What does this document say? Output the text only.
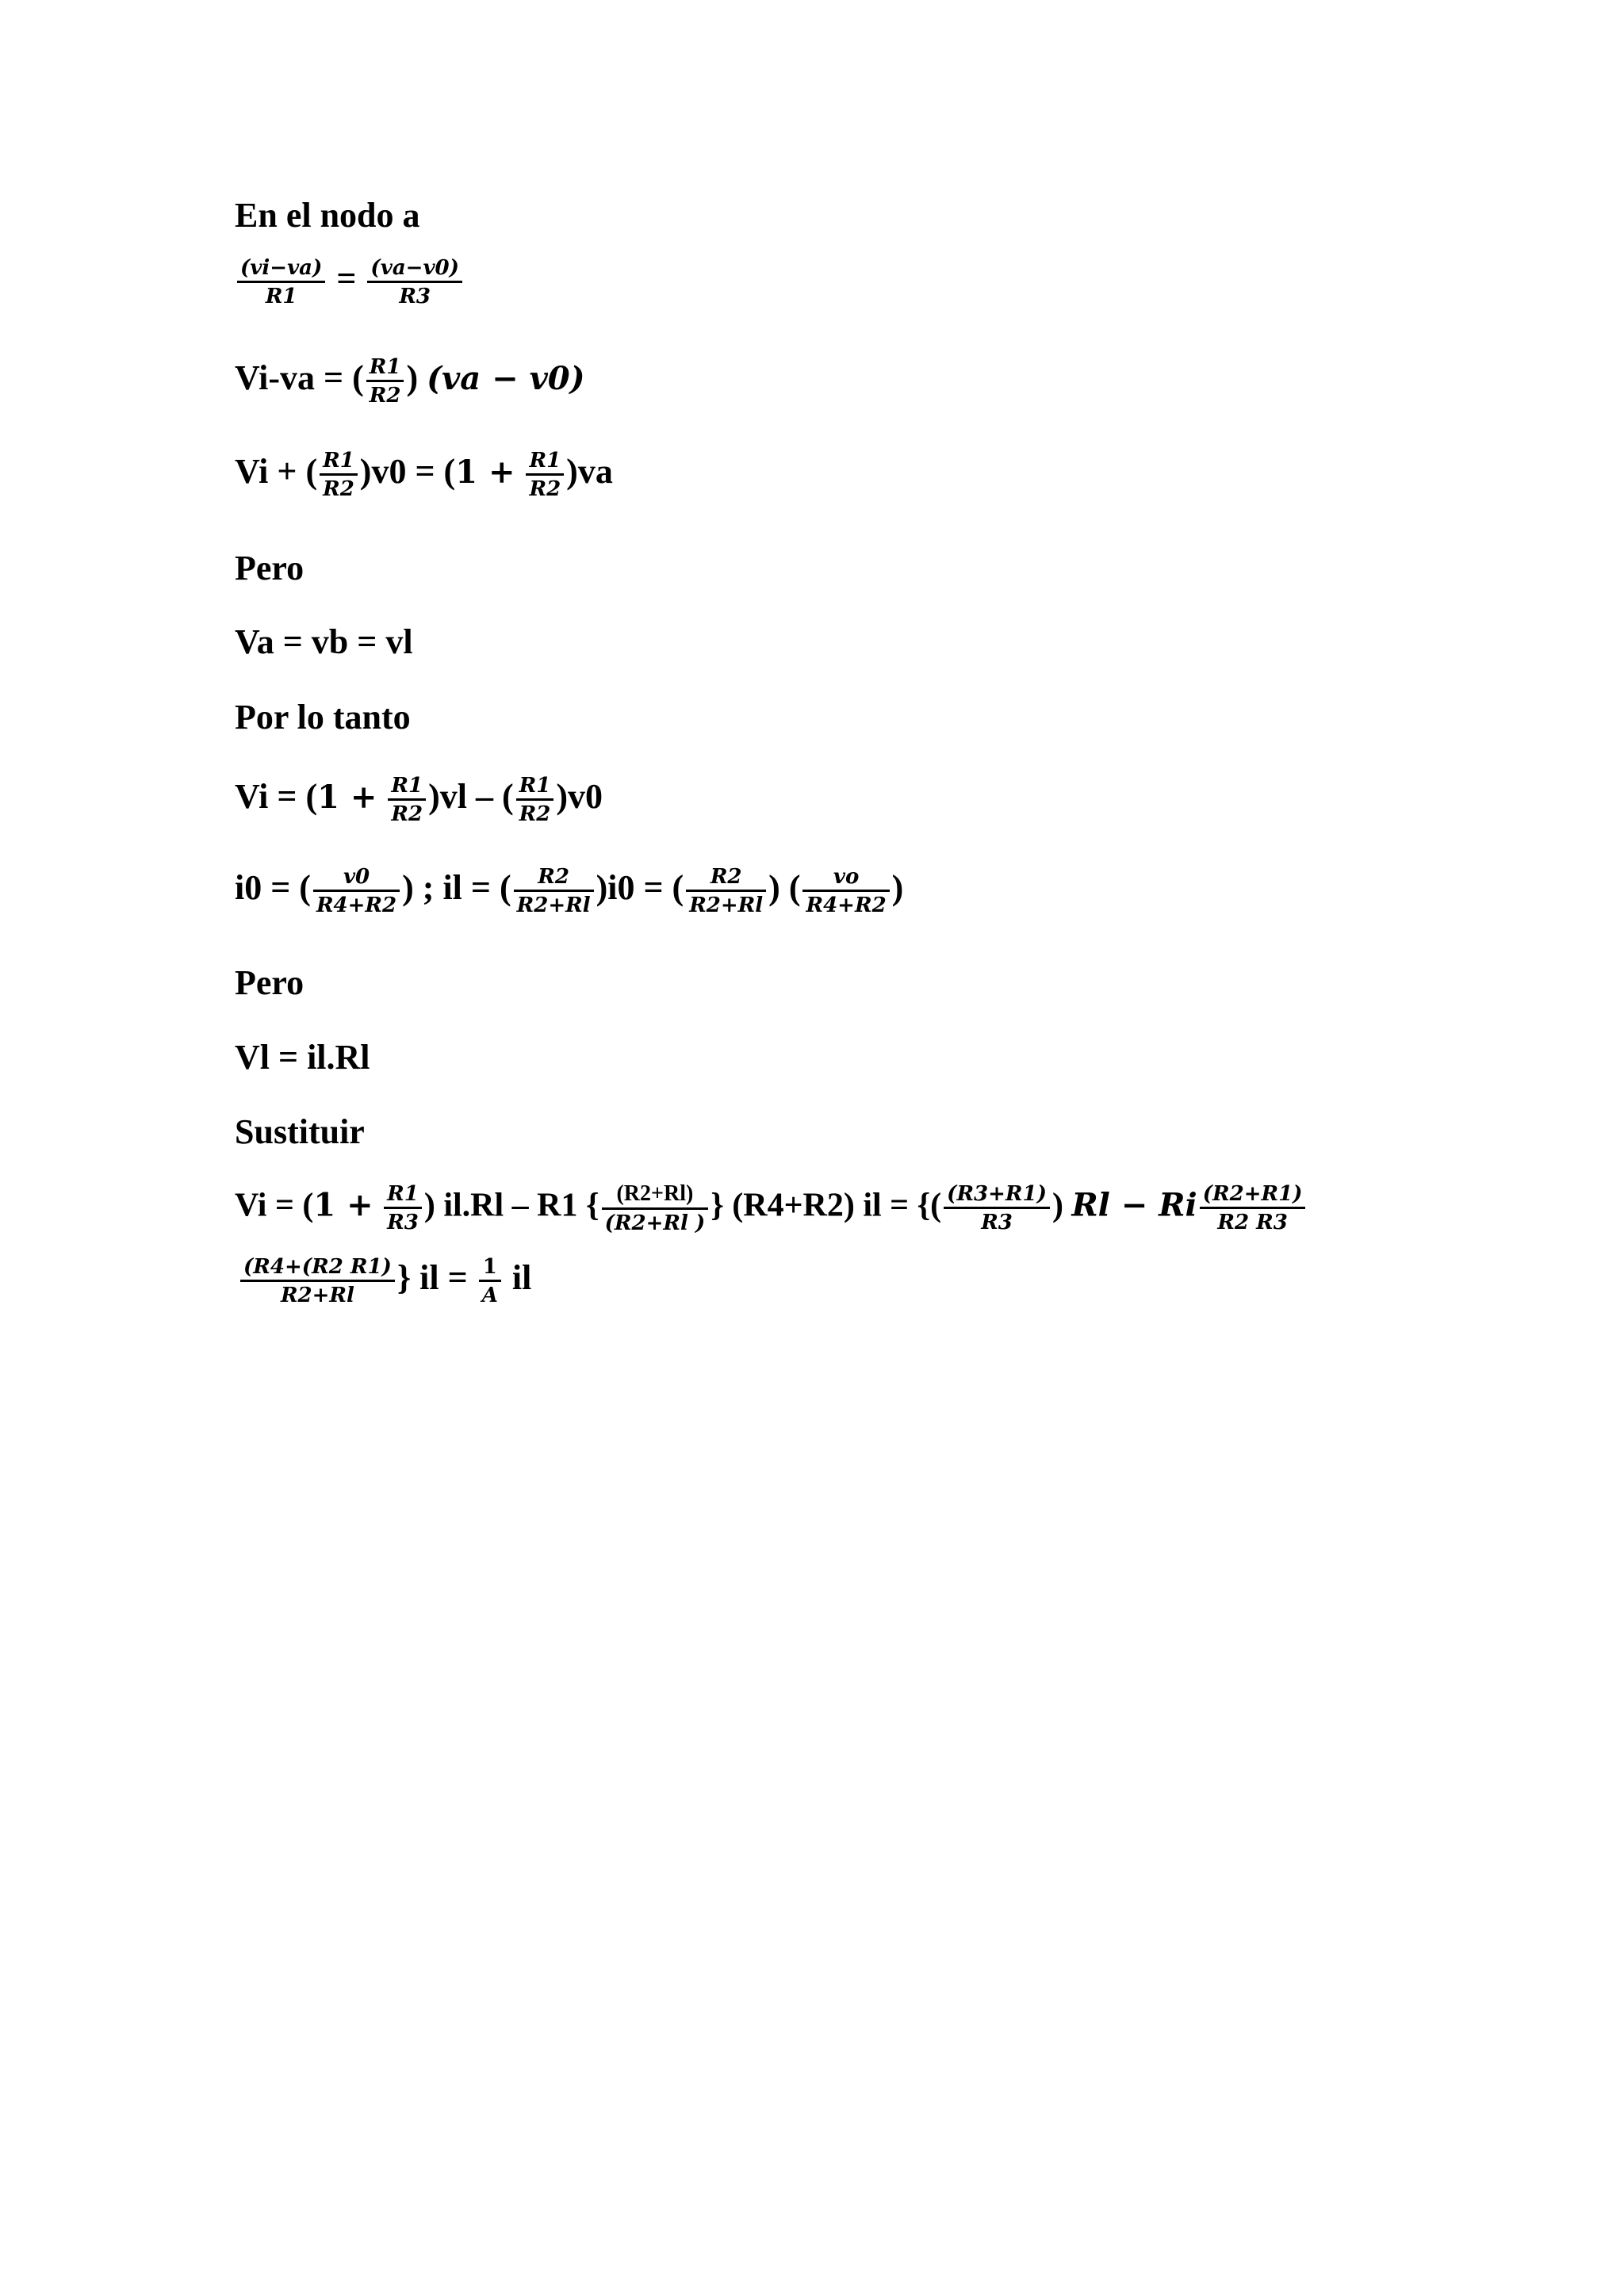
En el nodo a
$\frac{(vi-va)}{R1} = \frac{(va-v0)}{R3}$
Vi-va = ( $\frac{R1}{R2}$ ) (va − v0)
Vi + ( $\frac{R1}{R2} )v0 = (1 + \frac{R1}{R2} )va$
Pero
Va = vb = vl
Por lo tanto
$Vi = (1 + \frac{R1}{R2} )vl$ – ( $\frac{R1}{R2} )v0$
i0 = ( $\frac{v0}{R4+R2}$ ) ; il = ( $\frac{R2}{R2+Rl} )i0$ = ( $\frac{R2}{R2+Rl}$ ) ( $\frac{vo}{R4+R2}$ )
Pero
Vl = il.Rl
Sustituir
$Vi = (1 + \frac{R1}{R3}$ ) il.Rl – R1 { $\frac{(R2+Rl)}{(R2+Rl )}$ } (R4+R2) il = {( $\frac{(R3+R1)}{R3}$ ) Rl − Ri $\frac{(R2+R1)}{R2 R3}$
$\frac{(R4+(R2 R1)}{R2+Rl}$ } il = $\frac{1}{A}$ il
